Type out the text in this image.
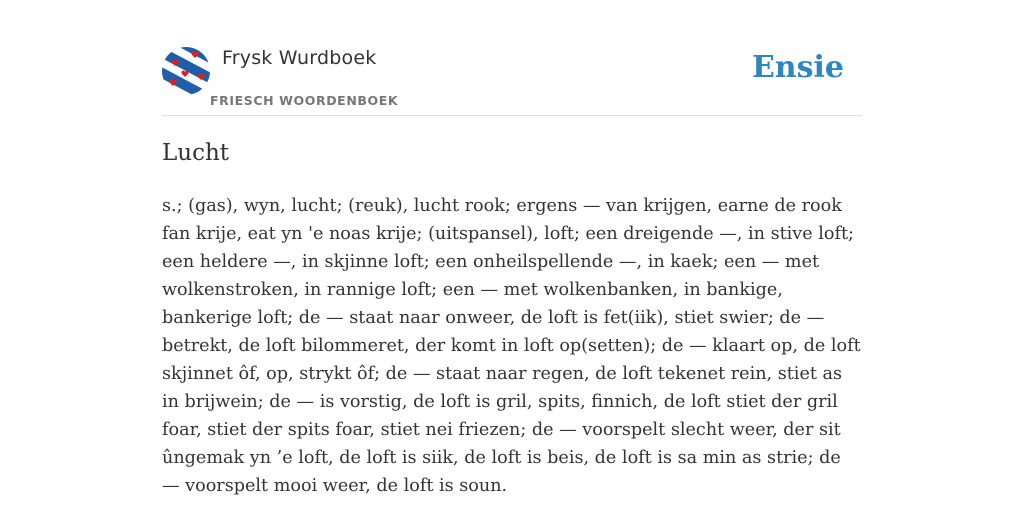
Frysk Wurdboek
FRIESCH WOORDENBOEK
Ensie
Lucht

s.; (gas), wyn, lucht; (reuk), lucht rook; ergens — van krijgen, earne de rook fan krije, eat yn 'e noas krije; (uitspansel), loft; een dreigende —, in stive loft; een heldere —, in skjinne loft; een onheilspellende —, in kaek; een — met wolkenstroken, in rannige loft; een — met wolkenbanken, in bankige, bankerige loft; de — staat naar onweer, de loft is fet(iik), stiet swier; de — betrekt, de loft bilommeret, der komt in loft op(setten); de — klaart op, de loft skjinnet ôf, op, strykt ôf; de — staat naar regen, de loft tekenet rein, stiet as in brijwein; de — is vorstig, de loft is gril, spits, finnich, de loft stiet der gril foar, stiet der spits foar, stiet nei friezen; de — voorspelt slecht weer, der sit ûngemak yn ’e loft, de loft is siik, de loft is beis, de loft is sa min as strie; de — voorspelt mooi weer, de loft is soun.
